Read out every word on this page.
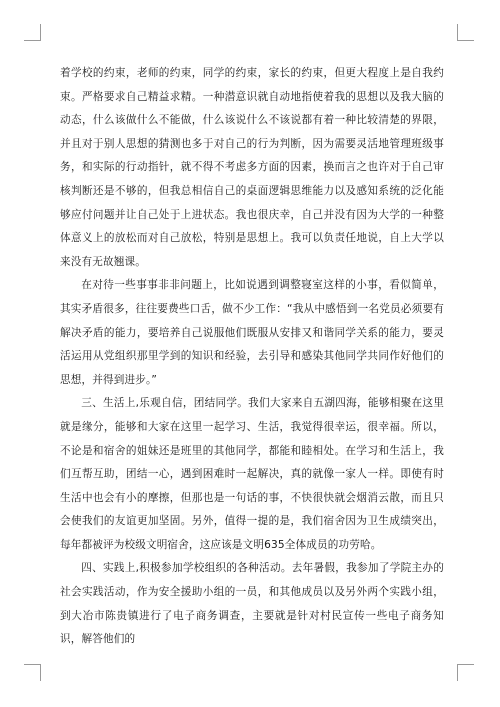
着学校的约束，老师的约束，同学的约束，家长的约束，但更大程度上是自我约束。严格要求自己精益求精。一种潜意识就自动地指使着我的思想以及我大脑的动态，什么该做什么不能做，什么该说什么不该说都有着一种比较清楚的界限，并且对于别人思想的猜测也多于对自己的行为判断，因为需要灵活地管理班级事务，和实际的行动指针，就不得不考虑多方面的因素，换而言之也许对于自己审核判断还是不够的，但我总相信自己的桌面逻辑思维能力以及感知系统的泛化能够应付问题并让自己处于上进状态。我也很庆幸，自己并没有因为大学的一种整体意义上的放松而对自己放松，特别是思想上。我可以负责任地说，自上大学以来没有无故翘课。

在对待一些事事非非问题上，比如说遇到调整寝室这样的小事，看似简单，其实矛盾很多，往往要费些口舌，做不少工作：“我从中感悟到一名党员必须要有解决矛盾的能力，要培养自己说服他们既服从安排又和谐同学关系的能力，要灵活运用从党组织那里学到的知识和经验，去引导和感染其他同学共同作好他们的思想，并得到进步。”

三、生活上,乐观自信，团结同学。我们大家来自五湖四海，能够相聚在这里就是缘分，能够和大家在这里一起学习、生活，我觉得很幸运，很幸福。所以，不论是和宿舍的姐妹还是班里的其他同学，都能和睦相处。在学习和生活上，我们互帮互助，团结一心，遇到困难时一起解决，真的就像一家人一样。即使有时生活中也会有小的摩擦，但那也是一句话的事，不快很快就会烟消云散，而且只会使我们的友谊更加坚固。另外，值得一提的是，我们宿舍因为卫生成绩突出，每年都被评为校级文明宿舍，这应该是文明635全体成员的功劳哈。

四、实践上,积极参加学校组织的各种活动。去年暑假，我参加了学院主办的社会实践活动，作为安全援助小组的一员，和其他成员以及另外两个实践小组，到大冶市陈贵镇进行了电子商务调查，主要就是针对村民宣传一些电子商务知识，解答他们的
